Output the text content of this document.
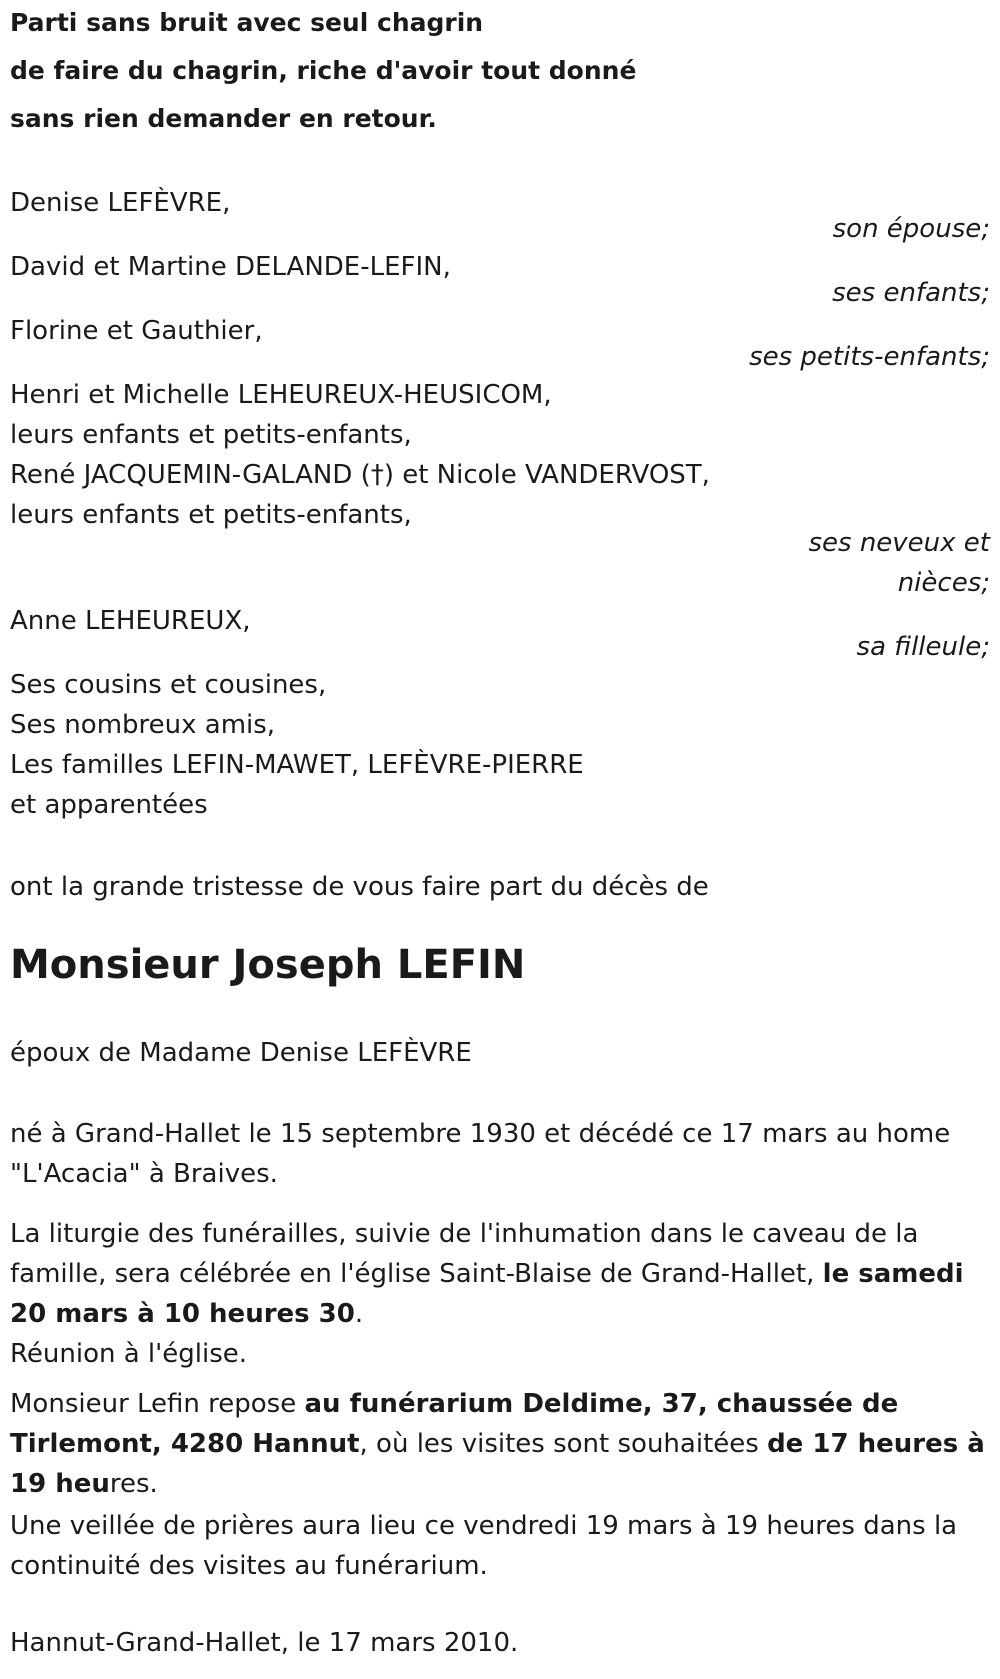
Parti sans bruit avec seul chagrin
de faire du chagrin, riche d'avoir tout donné
sans rien demander en retour.
Denise LEFÈVRE,
son épouse;
David et Martine DELANDE-LEFIN,
ses enfants;
Florine et Gauthier,
ses petits-enfants;
Henri et Michelle LEHEUREUX-HEUSICOM,
leurs enfants et petits-enfants,
René JACQUEMIN-GALAND (†) et Nicole VANDERVOST,
leurs enfants et petits-enfants,
ses neveux et
nièces;
Anne LEHEUREUX,
sa filleule;
Ses cousins et cousines,
Ses nombreux amis,
Les familles LEFIN-MAWET, LEFÈVRE-PIERRE
et apparentées
ont la grande tristesse de vous faire part du décès de
Monsieur Joseph LEFIN
époux de Madame Denise LEFÈVRE
né à Grand-Hallet le 15 septembre 1930 et décédé ce 17 mars au home "L'Acacia" à Braives.
La liturgie des funérailles, suivie de l'inhumation dans le caveau de la famille, sera célébrée en l'église Saint-Blaise de Grand-Hallet, le samedi 20 mars à 10 heures 30.
Réunion à l'église.
Monsieur Lefin repose au funérarium Deldime, 37, chaussée de Tirlemont, 4280 Hannut, où les visites sont souhaitées de 17 heures à 19 heures.
Une veillée de prières aura lieu ce vendredi 19 mars à 19 heures dans la continuité des visites au funérarium.
Hannut-Grand-Hallet, le 17 mars 2010.
